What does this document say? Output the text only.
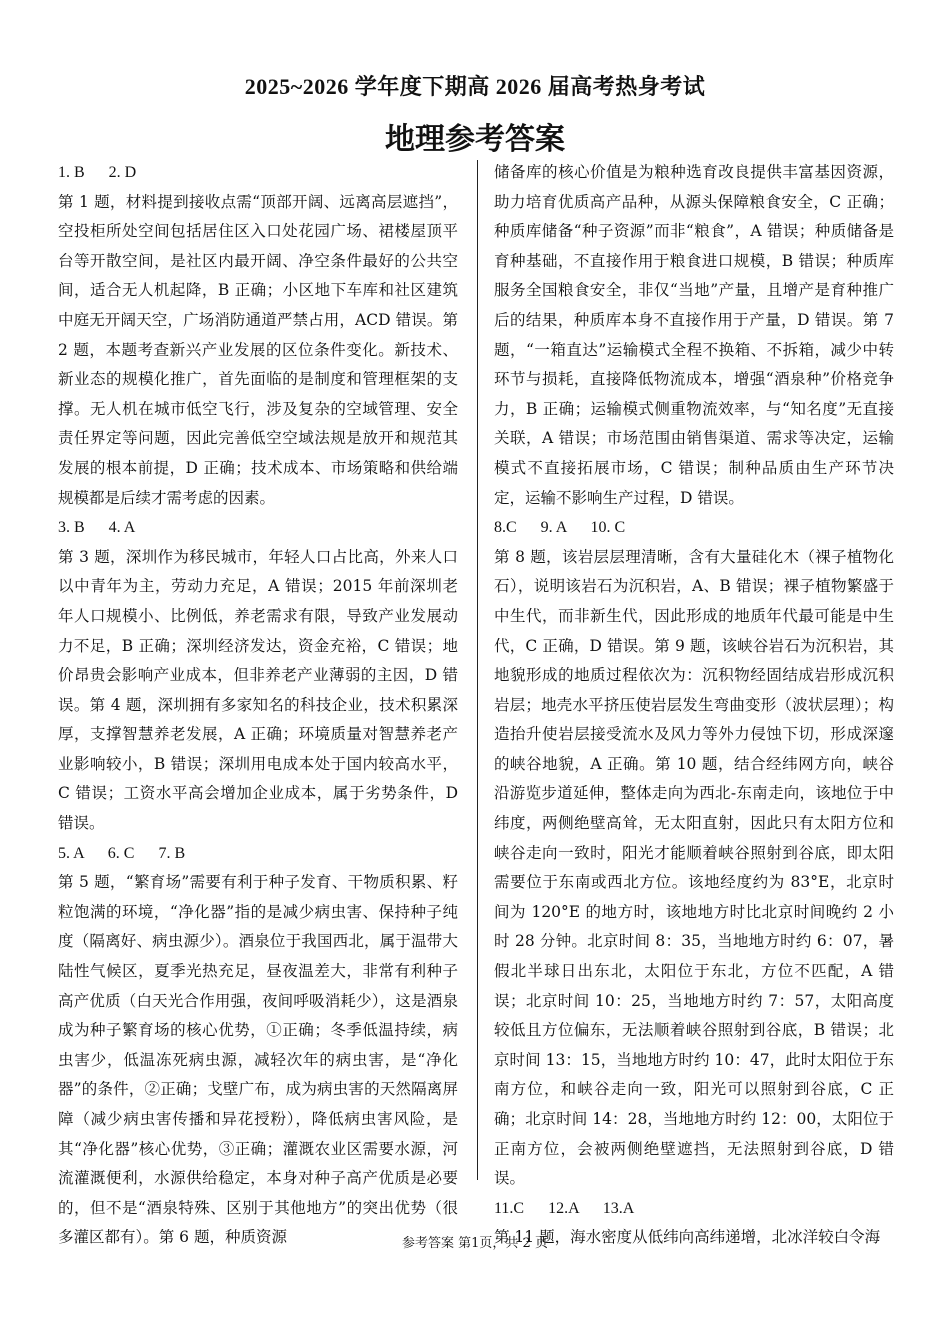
2025~2026 学年度下期高 2026 届高考热身考试
地理参考答案

1. B      2. D

第 1 题，材料提到接收点需“顶部开阔、远离高层遮挡”，空投柜所处空间包括居住区入口处花园广场、裙楼屋顶平台等开散空间，是社区内最开阔、净空条件最好的公共空间，适合无人机起降，B 正确；小区地下车库和社区建筑中庭无开阔天空，广场消防通道严禁占用，ACD 错误。第 2 题，本题考查新兴产业发展的区位条件变化。新技术、新业态的规模化推广，首先面临的是制度和管理框架的支撑。无人机在城市低空飞行，涉及复杂的空域管理、安全责任界定等问题，因此完善低空空域法规是放开和规范其发展的根本前提，D 正确；技术成本、市场策略和供给端规模都是后续才需考虑的因素。

3. B      4. A

第 3 题，深圳作为移民城市，年轻人口占比高，外来人口以中青年为主，劳动力充足，A 错误；2015 年前深圳老年人口规模小、比例低，养老需求有限，导致产业发展动力不足，B 正确；深圳经济发达，资金充裕，C 错误；地价昂贵会影响产业成本，但非养老产业薄弱的主因，D 错误。第 4 题，深圳拥有多家知名的科技企业，技术积累深厚，支撑智慧养老发展，A 正确；环境质量对智慧养老产业影响较小，B 错误；深圳用电成本处于国内较高水平，C 错误；工资水平高会增加企业成本，属于劣势条件，D 错误。

5. A      6. C      7. B

第 5 题，“繁育场”需要有利于种子发育、干物质积累、籽粒饱满的环境，“净化器”指的是减少病虫害、保持种子纯度（隔离好、病虫源少）。酒泉位于我国西北，属于温带大陆性气候区，夏季光热充足，昼夜温差大，非常有利种子高产优质（白天光合作用强，夜间呼吸消耗少），这是酒泉成为种子繁育场的核心优势，①正确；冬季低温持续，病虫害少，低温冻死病虫源，减轻次年的病虫害，是“净化器”的条件，②正确；戈壁广布，成为病虫害的天然隔离屏障（减少病虫害传播和异花授粉），降低病虫害风险，是其“净化器”核心优势，③正确；灌溉农业区需要水源，河流灌溉便利，水源供给稳定，本身对种子高产优质是必要的，但不是“酒泉特殊、区别于其他地方”的突出优势（很多灌区都有）。第 6 题，种质资源

储备库的核心价值是为粮种选育改良提供丰富基因资源，助力培育优质高产品种，从源头保障粮食安全，C 正确；种质库储备“种子资源”而非“粮食”，A 错误；种质储备是育种基础，不直接作用于粮食进口规模，B 错误；种质库服务全国粮食安全，非仅“当地”产量，且增产是育种推广后的结果，种质库本身不直接作用于产量，D 错误。第 7 题，“一箱直达”运输模式全程不换箱、不拆箱，减少中转环节与损耗，直接降低物流成本，增强“酒泉种”价格竞争力，B 正确；运输模式侧重物流效率，与“知名度”无直接关联，A 错误；市场范围由销售渠道、需求等决定，运输模式不直接拓展市场，C 错误；制种品质由生产环节决定，运输不影响生产过程，D 错误。

8.C      9. A      10. C

第 8 题，该岩层层理清晰，含有大量硅化木（裸子植物化石），说明该岩石为沉积岩，A、B 错误；裸子植物繁盛于中生代，而非新生代，因此形成的地质年代最可能是中生代，C 正确，D 错误。第 9 题，该峡谷岩石为沉积岩，其地貌形成的地质过程依次为：沉积物经固结成岩形成沉积岩层；地壳水平挤压使岩层发生弯曲变形（波状层理）；构造抬升使岩层接受流水及风力等外力侵蚀下切，形成深邃的峡谷地貌，A 正确。第 10 题，结合经纬网方向，峡谷沿游览步道延伸，整体走向为西北-东南走向，该地位于中纬度，两侧绝壁高耸，无太阳直射，因此只有太阳方位和峡谷走向一致时，阳光才能顺着峡谷照射到谷底，即太阳需要位于东南或西北方位。该地经度约为 83°E，北京时间为 120°E 的地方时，该地地方时比北京时间晚约 2 小时 28 分钟。北京时间 8：35，当地地方时约 6：07，暑假北半球日出东北，太阳位于东北，方位不匹配，A 错误；北京时间 10：25，当地地方时约 7：57，太阳高度较低且方位偏东，无法顺着峡谷照射到谷底，B 错误；北京时间 13：15，当地地方时约 10：47，此时太阳位于东南方位，和峡谷走向一致，阳光可以照射到谷底，C 正确；北京时间 14：28，当地地方时约 12：00，太阳位于正南方位，会被两侧绝壁遮挡，无法照射到谷底，D 错误。

11.C      12.A      13.A

第 11 题，海水密度从低纬向高纬递增，北冰洋较白令海

参考答案 第1页，共 2 页
